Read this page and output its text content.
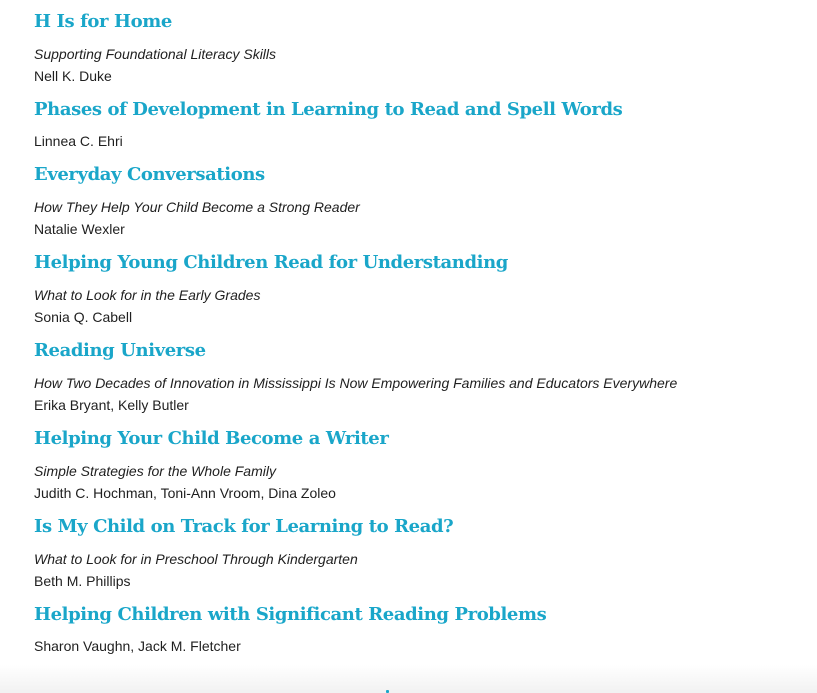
H Is for Home
Supporting Foundational Literacy Skills
Nell K. Duke
Phases of Development in Learning to Read and Spell Words
Linnea C. Ehri
Everyday Conversations
How They Help Your Child Become a Strong Reader
Natalie Wexler
Helping Young Children Read for Understanding
What to Look for in the Early Grades
Sonia Q. Cabell
Reading Universe
How Two Decades of Innovation in Mississippi Is Now Empowering Families and Educators Everywhere
Erika Bryant, Kelly Butler
Helping Your Child Become a Writer
Simple Strategies for the Whole Family
Judith C. Hochman, Toni-Ann Vroom, Dina Zoleo
Is My Child on Track for Learning to Read?
What to Look for in Preschool Through Kindergarten
Beth M. Phillips
Helping Children with Significant Reading Problems
Sharon Vaughn, Jack M. Fletcher
